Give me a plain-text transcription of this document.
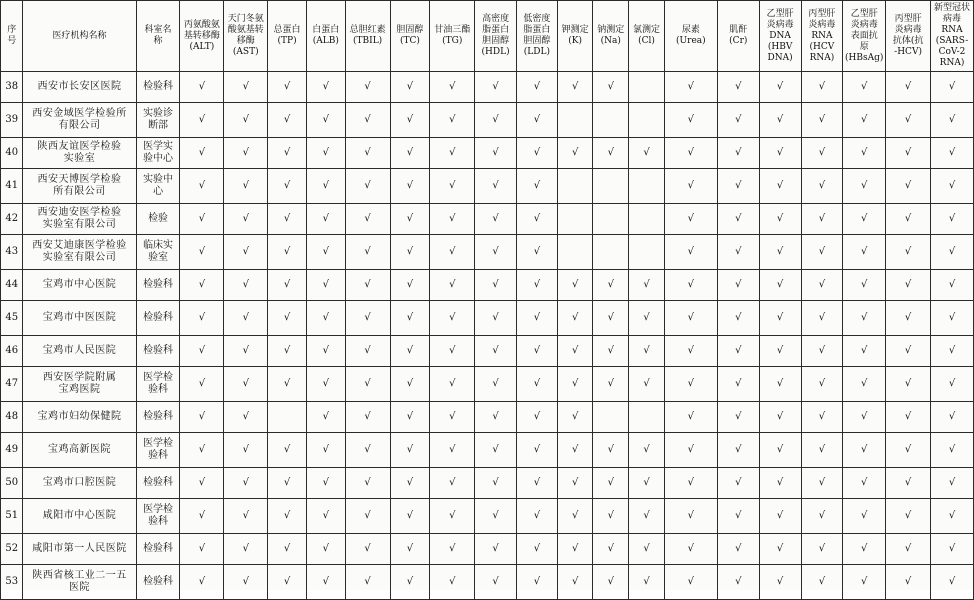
序
号	医疗机构名称	科室名
称	丙氨酸氨
基转移酶
(ALT)	天门冬氨
酸氨基转
移酶
(AST)	总蛋白
(TP)	白蛋白
(ALB)	总胆红素
(TBIL)	胆固醇
(TC)	甘油三酯
(TG)	高密度
脂蛋白
胆固醇
(HDL)	低密度
脂蛋白
胆固醇
(LDL)	钾测定
(K)	钠测定
(Na)	氯测定
(Cl)	尿素
(Urea)	肌酐
(Cr)	乙型肝
炎病毒
DNA
(HBV
DNA)	丙型肝
炎病毒
RNA
(HCV
RNA)	乙型肝
炎病毒
表面抗
原
(HBsAg)	丙型肝
炎病毒
抗体(抗
-HCV)	新型冠状
病毒 RNA
(SARS-
CoV-2
RNA)
38	西安市长安区医院	检验科	√	√	√	√	√	√	√	√	√	√	√		√	√	√	√	√	√	√
39	西安金域医学检验所
有限公司	实验诊
断部	√	√	√	√	√	√	√	√	√				√	√	√	√	√	√	√
40	陕西友谊医学检验
实验室	医学实
验中心	√	√	√	√	√	√	√	√	√	√	√	√	√	√	√	√	√	√	√
41	西安天博医学检验
所有限公司	实验中
心	√	√	√	√	√	√	√	√	√				√	√	√	√	√	√	√
42	西安迪安医学检验
实验室有限公司	检验	√	√	√	√	√	√	√	√	√				√	√	√	√	√	√	√
43	西安艾迪康医学检验
实验室有限公司	临床实
验室	√	√	√	√	√	√	√	√	√				√	√	√	√	√	√	√
44	宝鸡市中心医院	检验科	√	√	√	√	√	√	√	√	√	√	√	√	√	√	√	√	√	√	√
45	宝鸡市中医医院	检验科	√	√	√	√	√	√	√	√	√	√	√	√	√	√	√	√	√	√	√
46	宝鸡市人民医院	检验科	√	√	√	√	√	√	√	√	√	√	√	√	√	√	√	√	√	√	√
47	西安医学院附属
宝鸡医院	医学检
验科	√	√	√	√	√	√	√	√	√	√	√	√	√	√	√	√	√	√	√
48	宝鸡市妇幼保健院	检验科	√	√		√	√	√	√	√	√	√			√	√	√	√	√	√	√
49	宝鸡高新医院	医学检
验科	√	√	√	√	√	√	√	√	√	√	√	√	√	√	√	√	√	√	√
50	宝鸡市口腔医院	检验科	√	√	√	√	√	√	√	√	√	√	√	√	√	√	√	√	√	√	√
51	咸阳市中心医院	医学检
验科	√	√	√	√	√	√	√	√	√	√	√	√	√	√	√	√	√	√	√
52	咸阳市第一人民医院	检验科	√	√	√	√	√	√	√	√	√	√	√	√	√	√	√	√	√	√	√
53	陕西省核工业二一五
医院	检验科	√	√	√	√	√	√	√	√	√	√	√	√	√	√	√	√	√	√	√
